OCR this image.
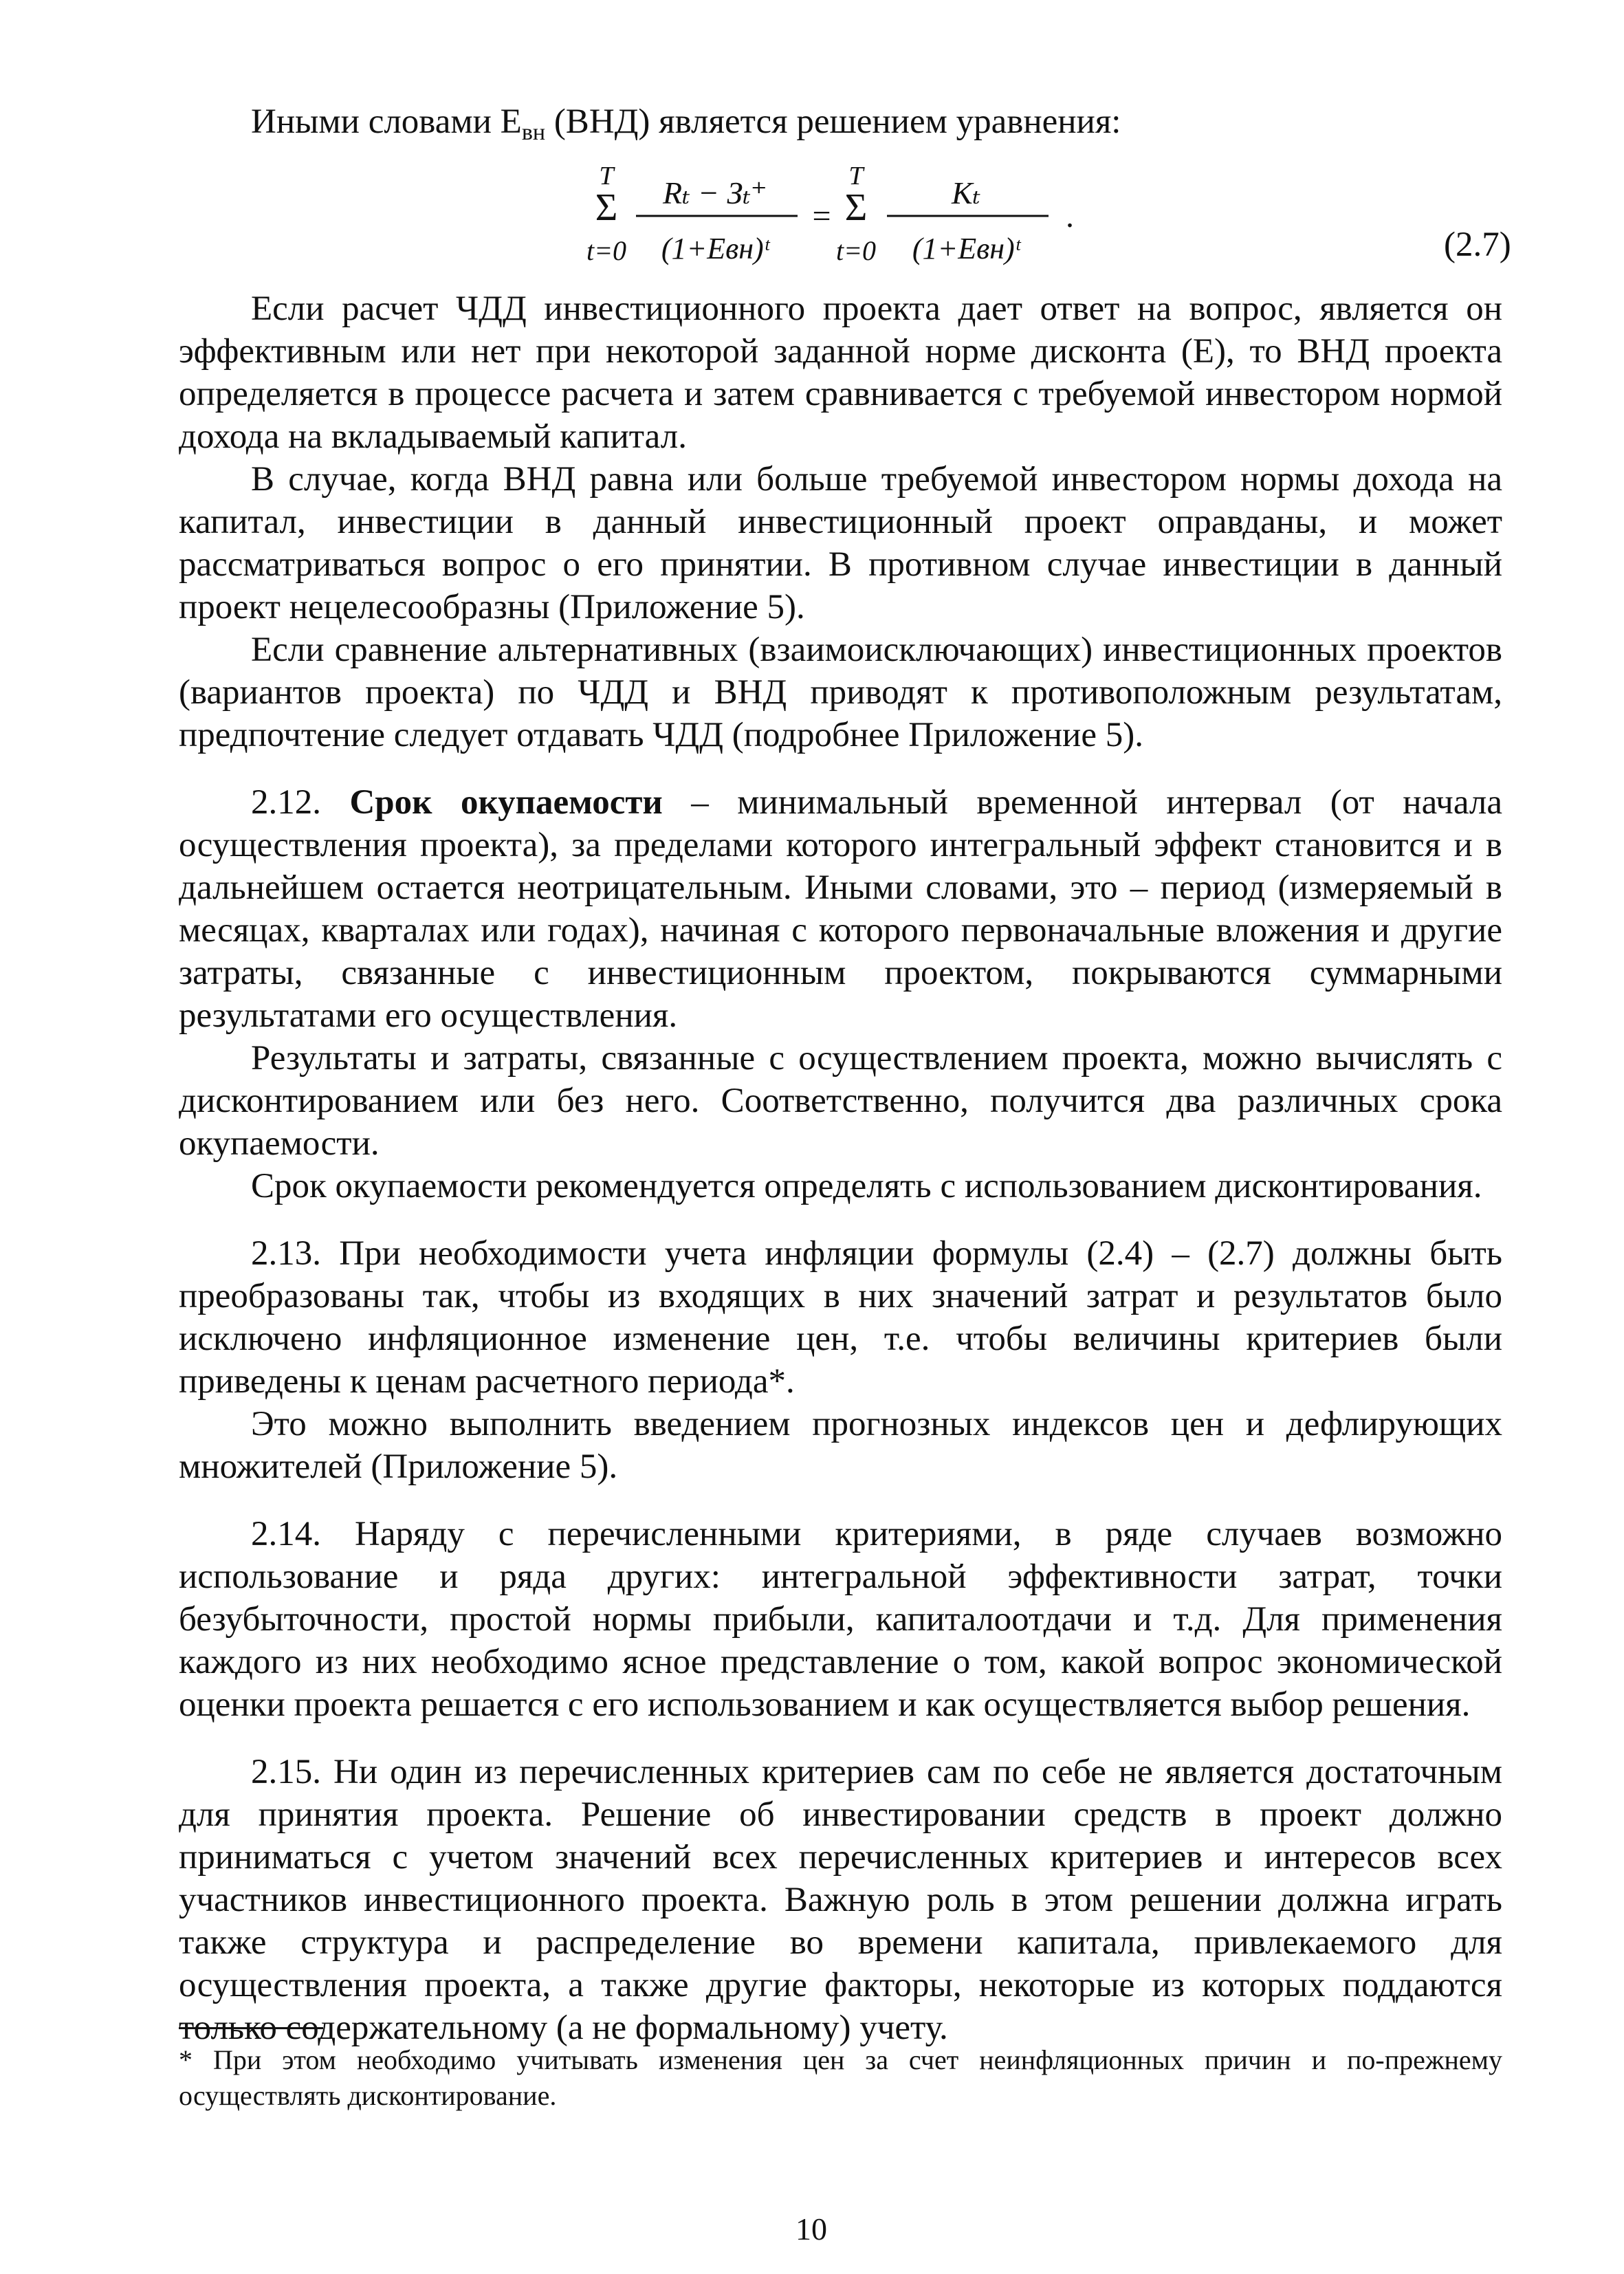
Иными словами $Е_{вн}$ (ВНД) является решением уравнения:
T
Σ
t=0
Rₜ − Зₜ⁺
(1+Eвн)ᵗ
=
T
Σ
t=0
Kₜ
(1+Eвн)ᵗ
.
(2.7)

Если расчет ЧДД инвестиционного проекта дает ответ на вопрос, является он эффективным или нет при некоторой заданной норме дисконта (Е), то ВНД проекта определяется в процессе расчета и затем сравнивается с требуемой инвестором нормой дохода на вкладываемый капитал.

В случае, когда ВНД равна или больше требуемой инвестором нормы дохода на капитал, инвестиции в данный инвестиционный проект оправданы, и может рассматриваться вопрос о его принятии. В противном случае инвестиции в данный проект нецелесообразны (Приложение 5).

Если сравнение альтернативных (взаимоисключающих) инвестиционных проектов (вариантов проекта) по ЧДД и ВНД приводят к противоположным результатам, предпочтение следует отдавать ЧДД (подробнее Приложение 5).

2.12. Срок окупаемости – минимальный временной интервал (от начала осуществления проекта), за пределами которого интегральный эффект становится и в дальнейшем остается неотрицательным. Иными словами, это – период (измеряемый в месяцах, кварталах или годах), начиная с которого первоначальные вложения и другие затраты, связанные с инвестиционным проектом, покрываются суммарными результатами его осуществления.

Результаты и затраты, связанные с осуществлением проекта, можно вычислять с дисконтированием или без него. Соответственно, получится два различных срока окупаемости.

Срок окупаемости рекомендуется определять с использованием дисконтирования.

2.13. При необходимости учета инфляции формулы (2.4) – (2.7) должны быть преобразованы так, чтобы из входящих в них значений затрат и результатов было исключено инфляционное изменение цен, т.е. чтобы величины критериев были приведены к ценам расчетного периода*.

Это можно выполнить введением прогнозных индексов цен и дефлирующих множителей (Приложение 5).

2.14. Наряду с перечисленными критериями, в ряде случаев возможно использование и ряда других: интегральной эффективности затрат, точки безубыточности, простой нормы прибыли, капиталоотдачи и т.д. Для применения каждого из них необходимо ясное представление о том, какой вопрос экономической оценки проекта решается с его использованием и как осуществляется выбор решения.

2.15. Ни один из перечисленных критериев сам по себе не является достаточным для принятия проекта. Решение об инвестировании средств в проект должно приниматься с учетом значений всех перечисленных критериев и интересов всех участников инвестиционного проекта. Важную роль в этом решении должна играть также структура и распределение во времени капитала, привлекаемого для осуществления проекта, а также другие факторы, некоторые из которых поддаются только содержательному (а не формальному) учету.

* При этом необходимо учитывать изменения цен за счет неинфляционных причин и по-прежнему осуществлять дисконтирование.
10
